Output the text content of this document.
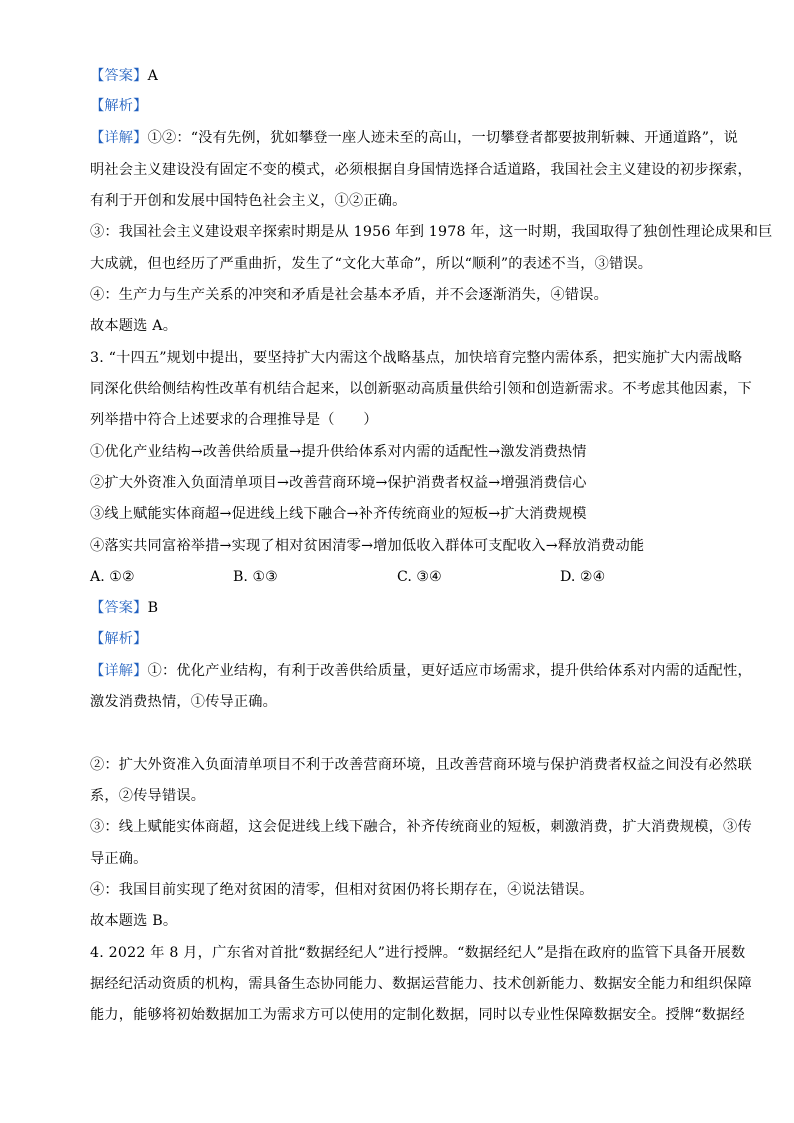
【答案】A
【解析】
【详解】①②：“没有先例，犹如攀登一座人迹未至的高山，一切攀登者都要披荆斩棘、开通道路”，说
明社会主义建设没有固定不变的模式，必须根据自身国情选择合适道路，我国社会主义建设的初步探索，
有利于开创和发展中国特色社会主义，①②正确。
③：我国社会主义建设艰辛探索时期是从 1956 年到 1978 年，这一时期，我国取得了独创性理论成果和巨
大成就，但也经历了严重曲折，发生了“文化大革命”，所以“顺利”的表述不当，③错误。
④：生产力与生产关系的冲突和矛盾是社会基本矛盾，并不会逐渐消失，④错误。
故本题选 A。
3. “十四五”规划中提出，要坚持扩大内需这个战略基点，加快培育完整内需体系，把实施扩大内需战略
同深化供给侧结构性改革有机结合起来，以创新驱动高质量供给引领和创造新需求。不考虑其他因素，下
列举措中符合上述要求的合理推导是（　　）
①优化产业结构→改善供给质量→提升供给体系对内需的适配性→激发消费热情
②扩大外资准入负面清单项目→改善营商环境→保护消费者权益→增强消费信心
③线上赋能实体商超→促进线上线下融合→补齐传统商业的短板→扩大消费规模
④落实共同富裕举措→实现了相对贫困清零→增加低收入群体可支配收入→释放消费动能
A. ①②	B. ①③	C. ③④	D. ②④
【答案】B
【解析】
【详解】①：优化产业结构，有利于改善供给质量，更好适应市场需求，提升供给体系对内需的适配性，
激发消费热情，①传导正确。
②：扩大外资准入负面清单项目不利于改善营商环境，且改善营商环境与保护消费者权益之间没有必然联
系，②传导错误。
③：线上赋能实体商超，这会促进线上线下融合，补齐传统商业的短板，刺激消费，扩大消费规模，③传
导正确。
④：我国目前实现了绝对贫困的清零，但相对贫困仍将长期存在，④说法错误。
故本题选 B。
4. 2022 年 8 月，广东省对首批“数据经纪人”进行授牌。“数据经纪人”是指在政府的监管下具备开展数
据经纪活动资质的机构，需具备生态协同能力、数据运营能力、技术创新能力、数据安全能力和组织保障
能力，能够将初始数据加工为需求方可以使用的定制化数据，同时以专业性保障数据安全。授牌“数据经
